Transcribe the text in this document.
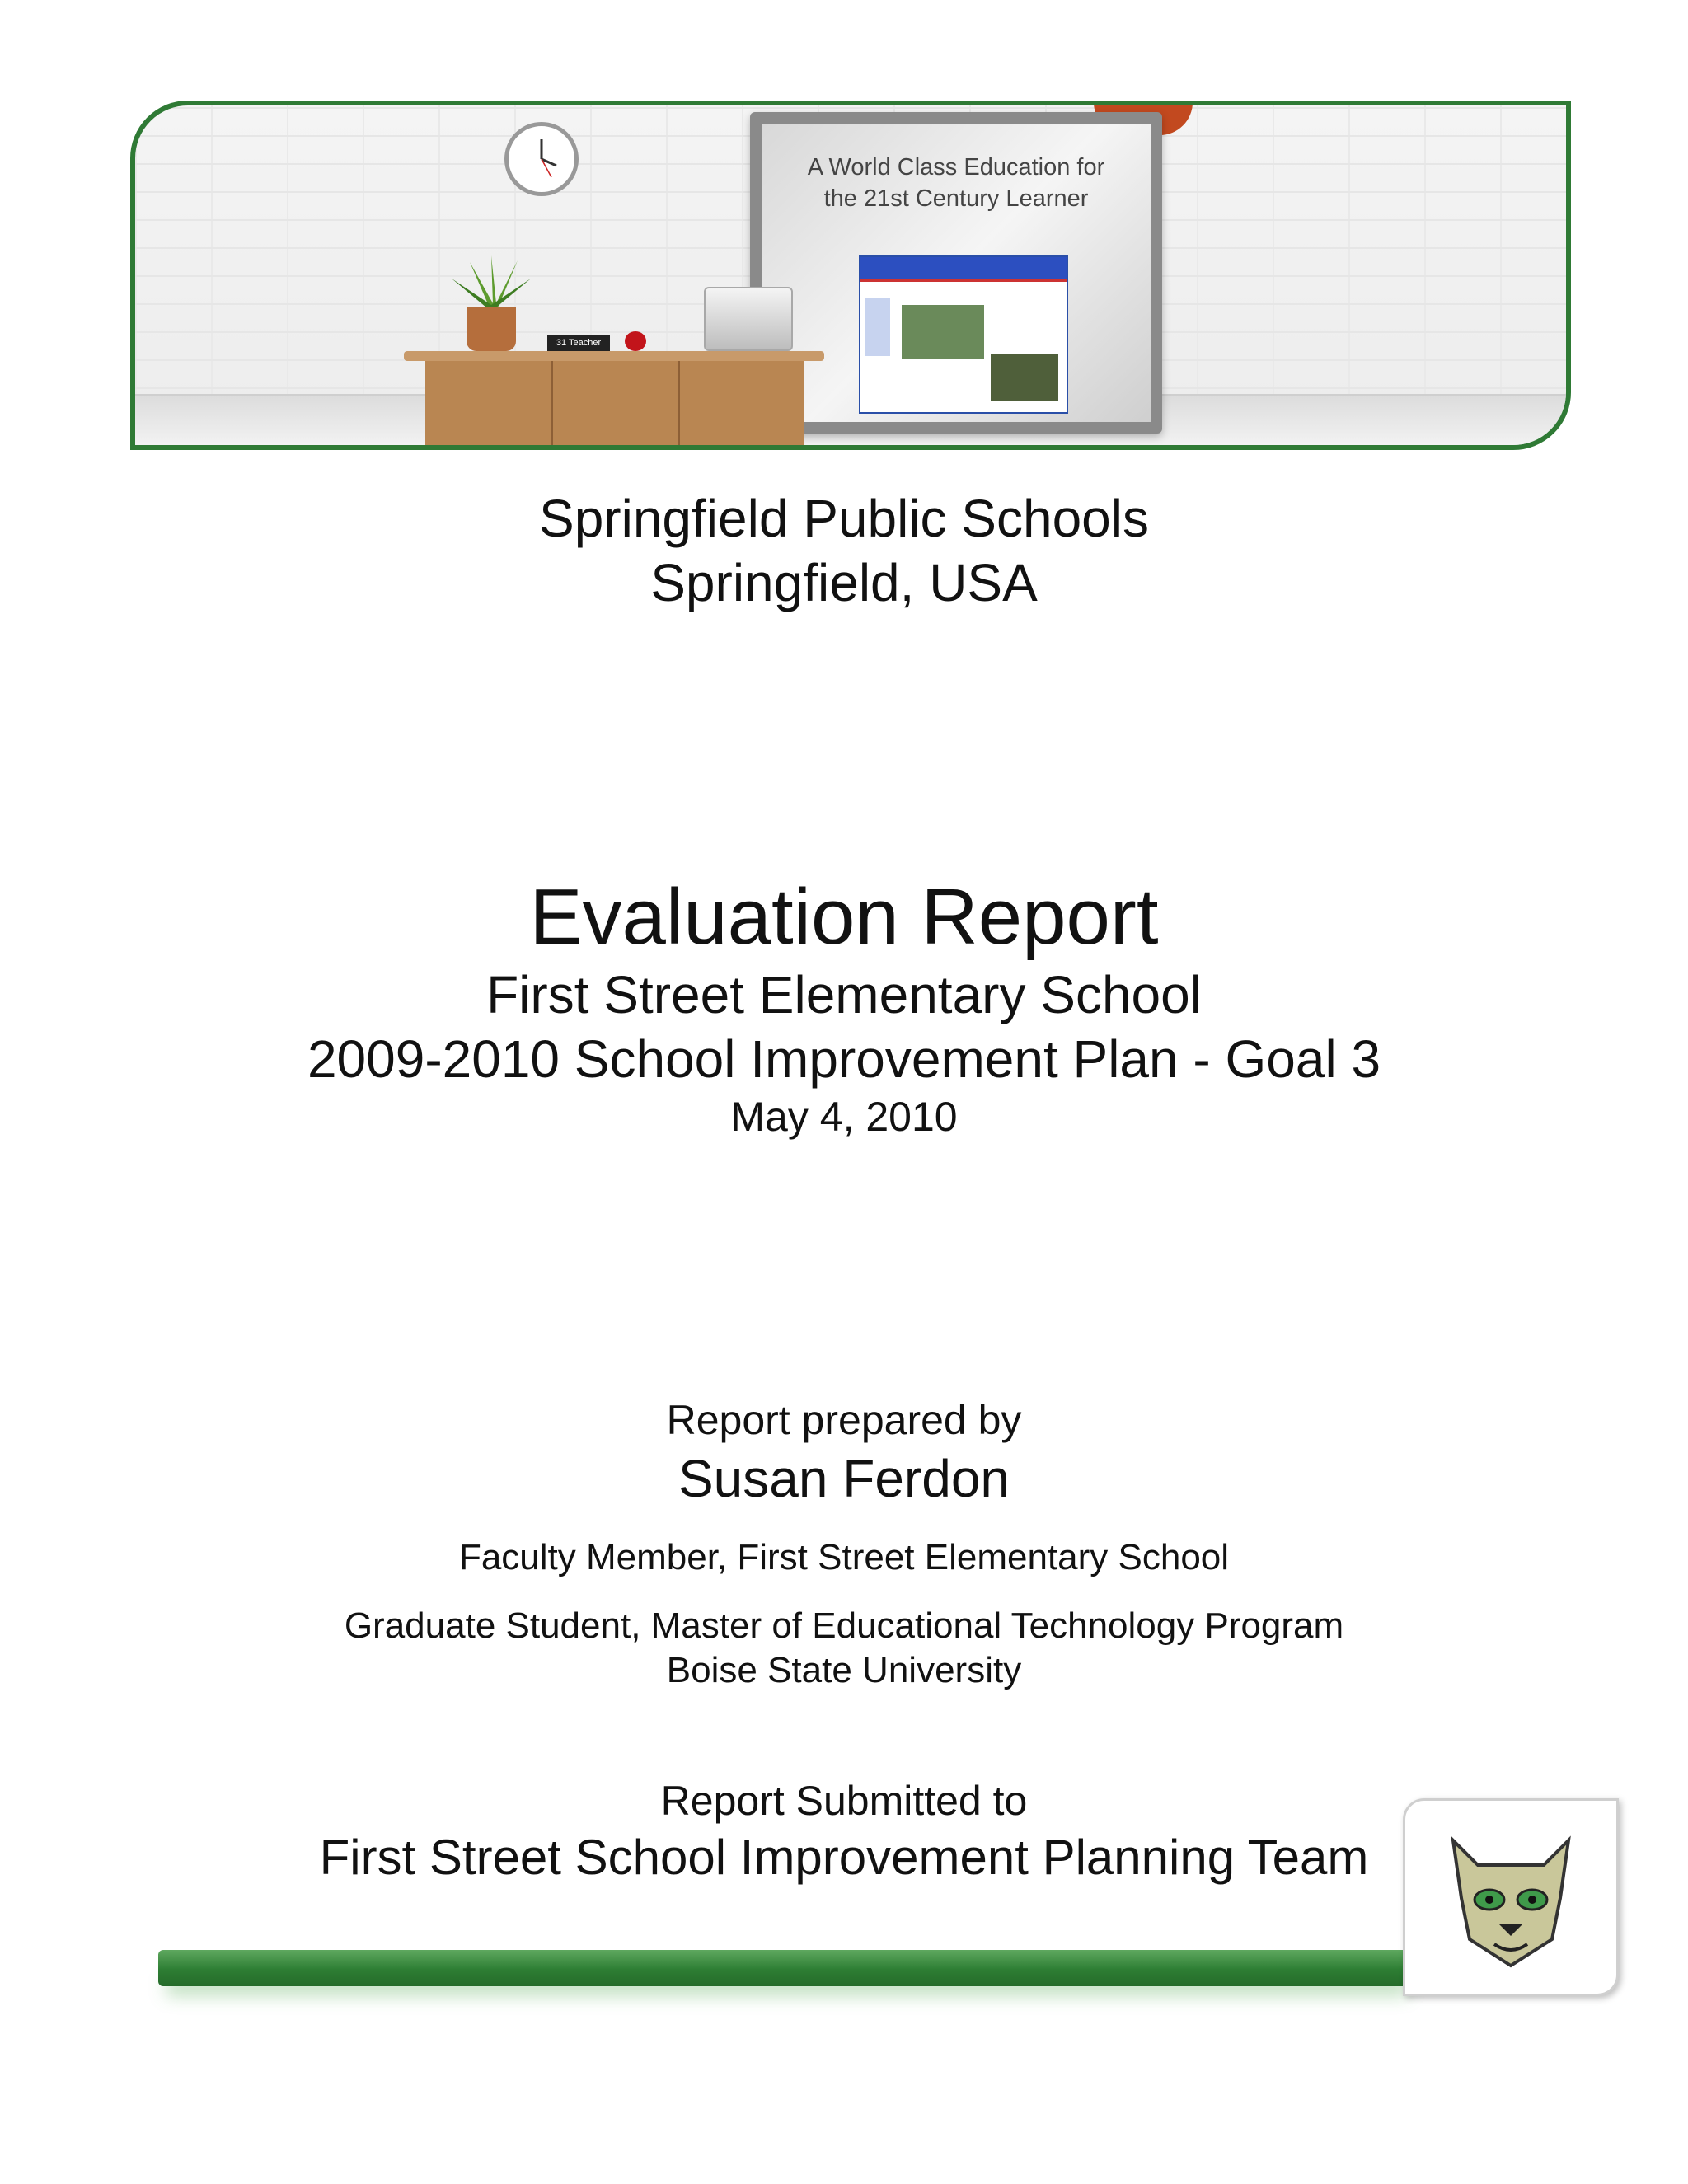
A World Class Education for
the 21st Century Learner
31 Teacher
Springfield Public Schools
Springfield, USA
Evaluation Report
First Street Elementary School
2009-2010 School Improvement Plan - Goal 3
May 4, 2010
Report prepared by
Susan Ferdon
Faculty Member, First Street Elementary School
Graduate Student, Master of Educational Technology Program
Boise State University
Report Submitted to
First Street School Improvement Planning Team
